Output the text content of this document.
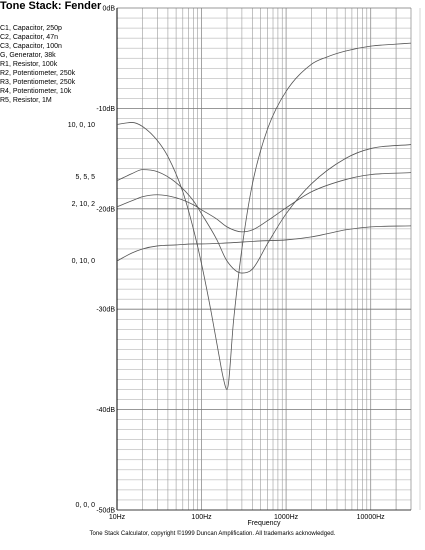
Tone Stack: Fender
C1, Capacitor, 250p
C2, Capacitor, 47n
C3, Capacitor, 100n
G, Generator, 38k
R1, Resistor, 100k
R2, Potentiometer, 250k
R3, Potentiometer, 250k
R4, Potentiometer, 10k
R5, Resistor, 1M
10, 0, 10
5, 5, 5
2, 10, 2
0, 10, 0
0, 0, 0
0dB
-10dB
-20dB
-30dB
-40dB
-50dB
10Hz	100Hz	1000Hz	10000Hz
Frequency
Tone Stack Calculator, copyright ©1999 Duncan Amplification. All trademarks acknowledged.
